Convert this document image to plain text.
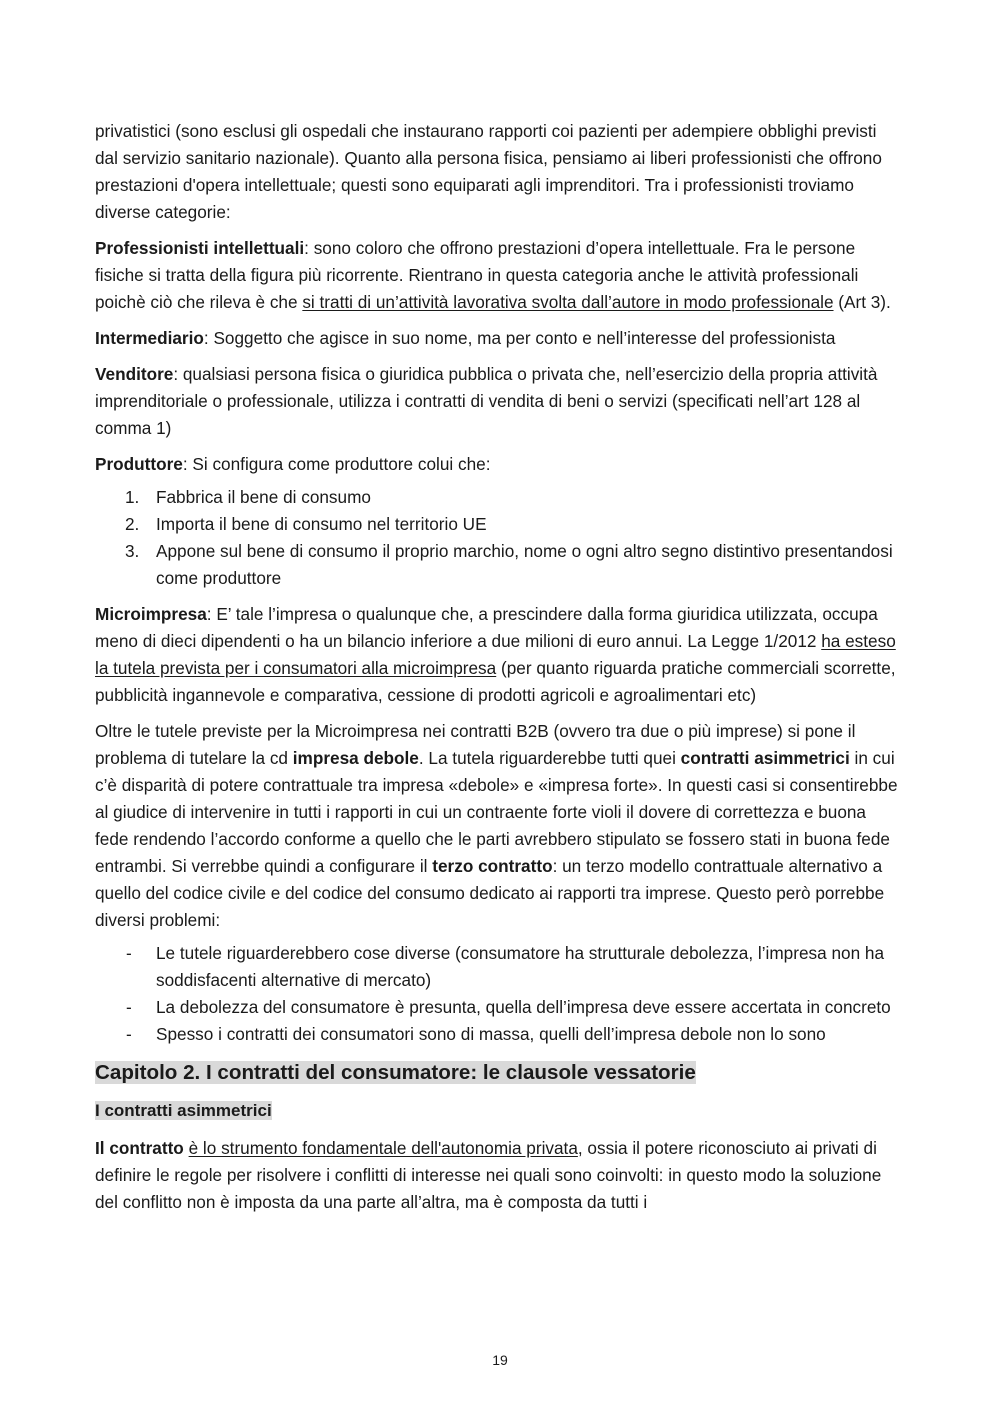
privatistici (sono esclusi gli ospedali che instaurano rapporti coi pazienti per adempiere obblighi previsti dal servizio sanitario nazionale). Quanto alla persona fisica, pensiamo ai liberi professionisti che offrono prestazioni d'opera intellettuale; questi sono equiparati agli imprenditori. Tra i professionisti troviamo diverse categorie:

Professionisti intellettuali: sono coloro che offrono prestazioni d’opera intellettuale. Fra le persone fisiche si tratta della figura più ricorrente. Rientrano in questa categoria anche le attività professionali poichè ciò che rileva è che si tratti di un’attività lavorativa svolta dall’autore in modo professionale (Art 3).

Intermediario: Soggetto che agisce in suo nome, ma per conto e nell’interesse del professionista

Venditore: qualsiasi persona fisica o giuridica pubblica o privata che, nell’esercizio della propria attività imprenditoriale o professionale, utilizza i contratti di vendita di beni o servizi (specificati nell’art 128 al comma 1)

Produttore: Si configura come produttore colui che:

1. Fabbrica il bene di consumo
2. Importa il bene di consumo nel territorio UE
3. Appone sul bene di consumo il proprio marchio, nome o ogni altro segno distintivo presentandosi come produttore

Microimpresa: E’ tale l’impresa o qualunque che, a prescindere dalla forma giuridica utilizzata, occupa meno di dieci dipendenti o ha un bilancio inferiore a due milioni di euro annui. La Legge 1/2012 ha esteso la tutela prevista per i consumatori alla microimpresa (per quanto riguarda pratiche commerciali scorrette, pubblicità ingannevole e comparativa, cessione di prodotti agricoli e agroalimentari etc)

Oltre le tutele previste per la Microimpresa nei contratti B2B (ovvero tra due o più imprese) si pone il problema di tutelare la cd impresa debole. La tutela riguarderebbe tutti quei contratti asimmetrici in cui c’è disparità di potere contrattuale tra impresa «debole» e «impresa forte». In questi casi si consentirebbe al giudice di intervenire in tutti i rapporti in cui un contraente forte violi il dovere di correttezza e buona fede rendendo l’accordo conforme a quello che le parti avrebbero stipulato se fossero stati in buona fede entrambi. Si verrebbe quindi a configurare il terzo contratto: un terzo modello contrattuale alternativo a quello del codice civile e del codice del consumo dedicato ai rapporti tra imprese. Questo però porrebbe diversi problemi:

- Le tutele riguarderebbero cose diverse (consumatore ha strutturale debolezza, l’impresa non ha soddisfacenti alternative di mercato)
- La debolezza del consumatore è presunta, quella dell’impresa deve essere accertata in concreto
- Spesso i contratti dei consumatori sono di massa, quelli dell’impresa debole non lo sono
Capitolo 2. I contratti del consumatore: le clausole vessatorie
I contratti asimmetrici

Il contratto è lo strumento fondamentale dell'autonomia privata, ossia il potere riconosciuto ai privati di definire le regole per risolvere i conflitti di interesse nei quali sono coinvolti: in questo modo la soluzione del conflitto non è imposta da una parte all’altra, ma è composta da tutti i

19
